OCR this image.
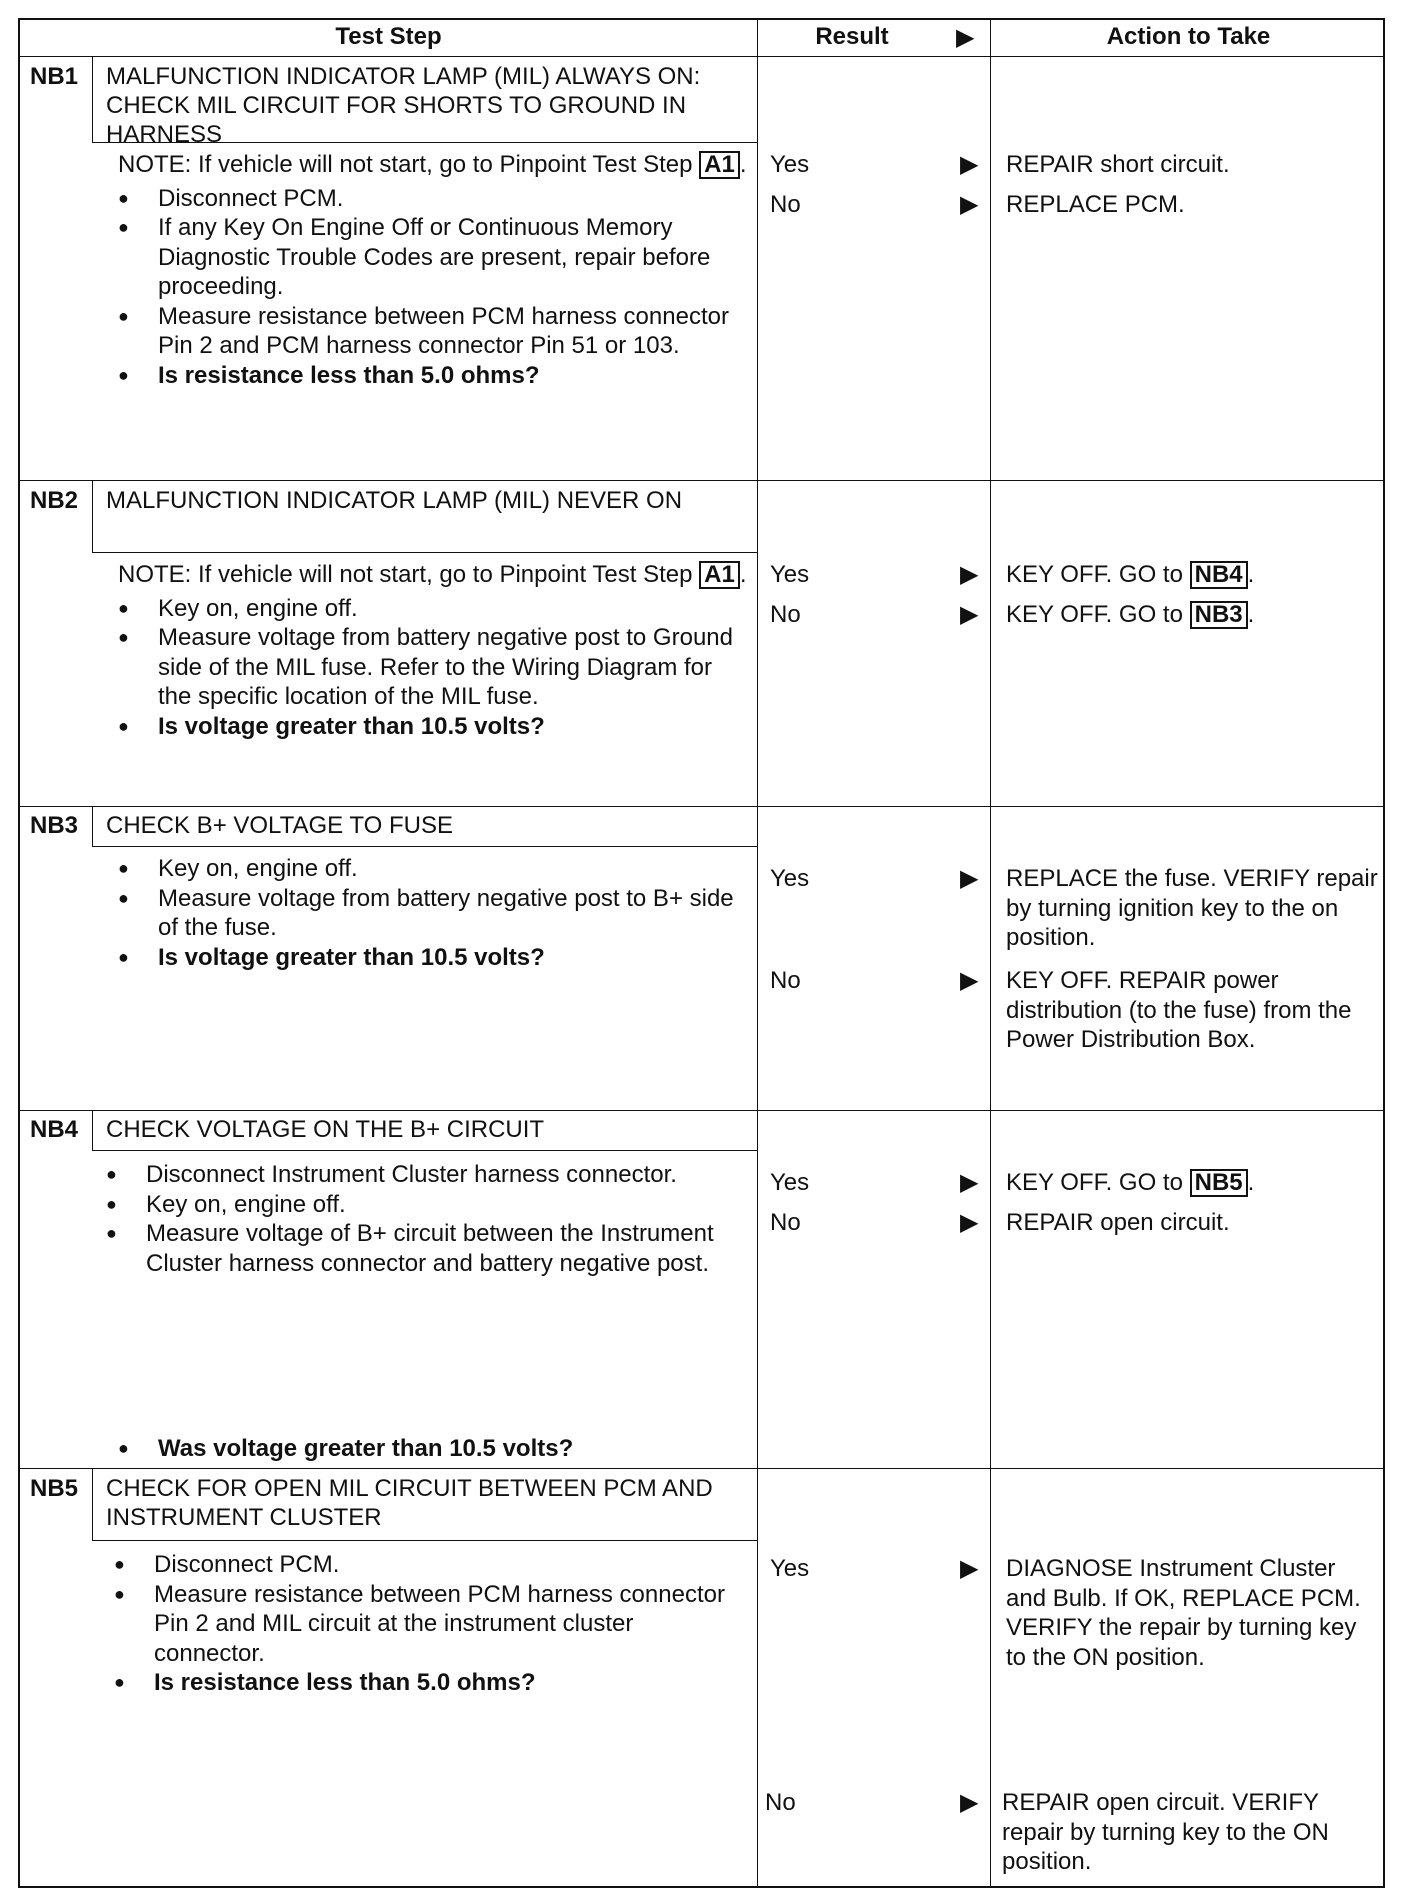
Test Step	Result	▶	Action to Take
NB1 MALFUNCTION INDICATOR LAMP (MIL) ALWAYS ON: CHECK MIL CIRCUIT FOR SHORTS TO GROUND IN HARNESS
NOTE: If vehicle will not start, go to Pinpoint Test Step A1 .
● Disconnect PCM.
● If any Key On Engine Off or Continuous Memory Diagnostic Trouble Codes are present, repair before proceeding.
● Measure resistance between PCM harness connector Pin 2 and PCM harness connector Pin 51 or 103.
● Is resistance less than 5.0 ohms?
Yes	▶ REPAIR short circuit.
No	▶ REPLACE PCM.
NB2 MALFUNCTION INDICATOR LAMP (MIL) NEVER ON
NOTE: If vehicle will not start, go to Pinpoint Test Step A1 .
● Key on, engine off.
● Measure voltage from battery negative post to Ground side of the MIL fuse. Refer to the Wiring Diagram for the specific location of the MIL fuse.
● Is voltage greater than 10.5 volts?
Yes	▶ KEY OFF. GO to NB4 .
No	▶ KEY OFF. GO to NB3 .
NB3 CHECK B+ VOLTAGE TO FUSE
● Key on, engine off.
● Measure voltage from battery negative post to B+ side of the fuse.
● Is voltage greater than 10.5 volts?
Yes	▶ REPLACE the fuse. VERIFY repair by turning ignition key to the on position.
No	▶ KEY OFF. REPAIR power distribution (to the fuse) from the Power Distribution Box.
NB4 CHECK VOLTAGE ON THE B+ CIRCUIT
● Disconnect Instrument Cluster harness connector.
● Key on, engine off.
● Measure voltage of B+ circuit between the Instrument Cluster harness connector and battery negative post.
● Was voltage greater than 10.5 volts?
Yes	▶ KEY OFF. GO to NB5 .
No	▶ REPAIR open circuit.
NB5 CHECK FOR OPEN MIL CIRCUIT BETWEEN PCM AND INSTRUMENT CLUSTER
● Disconnect PCM.
● Measure resistance between PCM harness connector Pin 2 and MIL circuit at the instrument cluster connector.
● Is resistance less than 5.0 ohms?
Yes	▶ DIAGNOSE Instrument Cluster and Bulb. If OK, REPLACE PCM. VERIFY the repair by turning key to the ON position.
No	▶ REPAIR open circuit. VERIFY repair by turning key to the ON position.
